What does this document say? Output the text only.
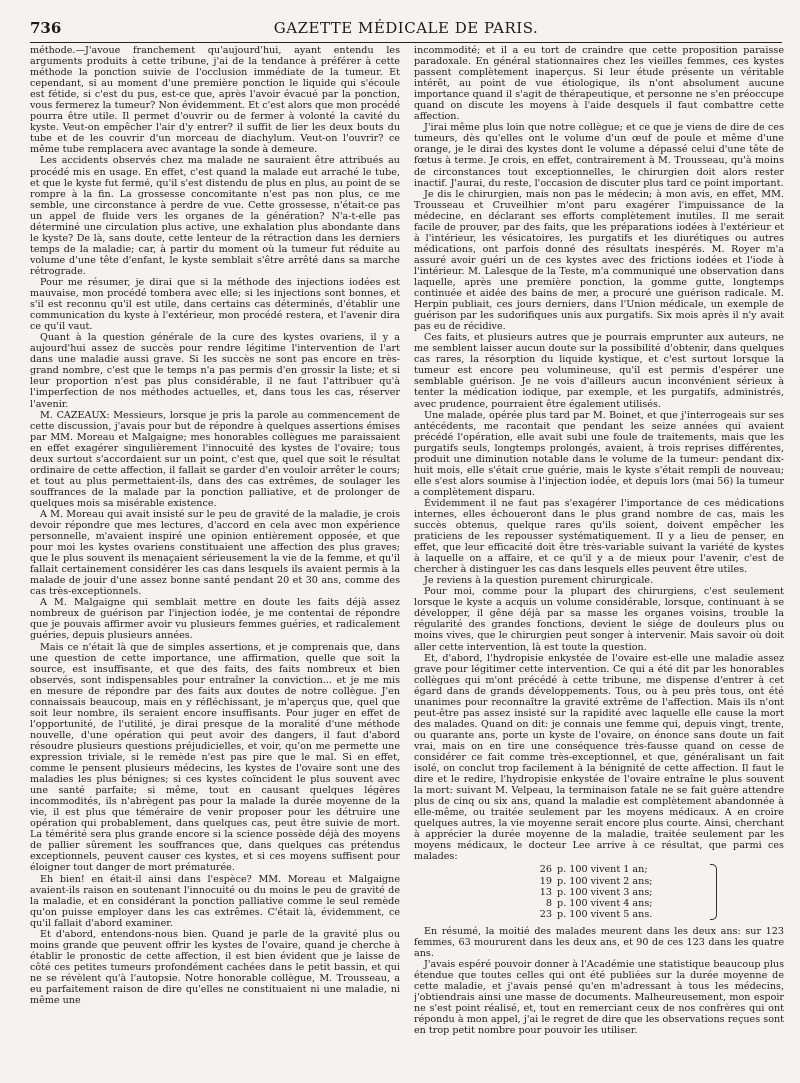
736	GAZETTE MÉDICALE DE PARIS.

méthode.—J'avoue franchement qu'aujourd'hui, ayant entendu les arguments produits à cette tribune, j'ai de la tendance à préférer à cette méthode la ponction suivie de l'occlusion immédiate de la tumeur. Et cependant, si au moment d'une première ponction le liquide qui s'écoule est fétide, si c'est du pus, est-ce que, après l'avoir évacué par la ponction, vous fermerez la tumeur? Non évidemment. Et c'est alors que mon procédé pourra être utile. Il permet d'ouvrir ou de fermer à volonté la cavité du kyste. Veut-on empêcher l'air d'y entrer? il suffit de lier les deux bouts du tube et de les couvrir d'un morceau de diachylum. Veut-on l'ouvrir? ce même tube remplacera avec avantage la sonde à demeure.

Les accidents observés chez ma malade ne sauraient être attribués au procédé mis en usage. En effet, c'est quand la malade eut arraché le tube, et que le kyste fut fermé, qu'il s'est distendu de plus en plus, au point de se rompre à la fin. La grossesse concomitante n'est pas non plus, ce me semble, une circonstance à perdre de vue. Cette grossesse, n'était-ce pas un appel de fluide vers les organes de la génération? N'a-t-elle pas déterminé une circulation plus active, une exhalation plus abondante dans le kyste? De là, sans doute, cette lenteur de la rétraction dans les derniers temps de la maladie; car, à partir du moment où la tumeur fut réduite au volume d'une tête d'enfant, le kyste semblait s'être arrêté dans sa marche rétrograde.

Pour me résumer, je dirai que si la méthode des injections iodées est mauvaise, mon procédé tombera avec elle; si les injections sont bonnes, et s'il est reconnu qu'il est utile, dans certains cas déterminés, d'établir une communication du kyste à l'extérieur, mon procédé restera, et l'avenir dira ce qu'il vaut.

Quant à la question générale de la cure des kystes ovariens, il y a aujourd'hui assez de succès pour rendre légitime l'intervention de l'art dans une maladie aussi grave. Si les succès ne sont pas encore en très-grand nombre, c'est que le temps n'a pas permis d'en grossir la liste; et si leur proportion n'est pas plus considérable, il ne faut l'attribuer qu'à l'imperfection de nos méthodes actuelles, et, dans tous les cas, réserver l'avenir.

M. CAZEAUX: Messieurs, lorsque je pris la parole au commencement de cette discussion, j'avais pour but de répondre à quelques assertions émises par MM. Moreau et Malgaigne; mes honorables collègues me paraissaient en effet exagérer singulièrement l'innocuité des kystes de l'ovaire; tous deux surtout s'accordaient sur un point, c'est que, quel que soit le résultat ordinaire de cette affection, il fallait se garder d'en vouloir arrêter le cours; et tout au plus permettaient-ils, dans des cas extrêmes, de soulager les souffrances de la malade par la ponction palliative, et de prolonger de quelques mois sa misérable existence.

A M. Moreau qui avait insisté sur le peu de gravité de la maladie, je crois devoir répondre que mes lectures, d'accord en cela avec mon expérience personnelle, m'avaient inspiré une opinion entièrement opposée, et que pour moi les kystes ovariens constituaient une affection des plus graves; que le plus souvent ils menaçaient sérieusement la vie de la femme, et qu'il fallait certainement considérer les cas dans lesquels ils avaient permis à la malade de jouir d'une assez bonne santé pendant 20 et 30 ans, comme des cas très-exceptionnels.

A M. Malgaigne qui semblait mettre en doute les faits déjà assez nombreux de guérison par l'injection iodée, je me contentai de répondre que je pouvais affirmer avoir vu plusieurs femmes guéries, et radicalement guéries, depuis plusieurs années.

Mais ce n'était là que de simples assertions, et je comprenais que, dans une question de cette importance, une affirmation, quelle que soit la source, est insuffisante, et que des faits, des faits nombreux et bien observés, sont indispensables pour entraîner la conviction... et je me mis en mesure de répondre par des faits aux doutes de notre collègue. J'en connaissais beaucoup, mais en y réfléchissant, je m'aperçus que, quel que soit leur nombre, ils seraient encore insuffisants. Pour juger en effet de l'opportunité, de l'utilité, je dirai presque de la moralité d'une méthode nouvelle, d'une opération qui peut avoir des dangers, il faut d'abord résoudre plusieurs questions préjudicielles, et voir, qu'on me permette une expression triviale, si le remède n'est pas pire que le mal. Si en effet, comme le pensent plusieurs médecins, les kystes de l'ovaire sont une des maladies les plus bénignes; si ces kystes coïncident le plus souvent avec une santé parfaite; si même, tout en causant quelques légères incommodités, ils n'abrègent pas pour la malade la durée moyenne de la vie, il est plus que téméraire de venir proposer pour les détruire une opération qui probablement, dans quelques cas, peut être suivie de mort. La témérité sera plus grande encore si la science possède déjà des moyens de pallier sûrement les souffrances que, dans quelques cas prétendus exceptionnels, peuvent causer ces kystes, et si ces moyens suffisent pour éloigner tout danger de mort prématurée.

Eh bien! en était-il ainsi dans l'espèce? MM. Moreau et Malgaigne avaient-ils raison en soutenant l'innocuité ou du moins le peu de gravité de la maladie, et en considérant la ponction palliative comme le seul remède qu'on puisse employer dans les cas extrêmes. C'était là, évidemment, ce qu'il fallait d'abord examiner.

Et d'abord, entendons-nous bien. Quand je parle de la gravité plus ou moins grande que peuvent offrir les kystes de l'ovaire, quand je cherche à établir le pronostic de cette affection, il est bien évident que je laisse de côté ces petites tumeurs profondément cachées dans le petit bassin, et qui ne se révèlent qu'à l'autopsie. Notre honorable collègue, M. Trousseau, a eu parfaitement raison de dire qu'elles ne constituaient ni une maladie, ni même une

incommodité; et il a eu tort de craindre que cette proposition paraisse paradoxale. En général stationnaires chez les vieilles femmes, ces kystes passent complètement inaperçus. Si leur étude présente un véritable intérêt, au point de vue étiologique, ils n'ont absolument aucune importance quand il s'agit de thérapeutique, et personne ne s'en préoccupe quand on discute les moyens à l'aide desquels il faut combattre cette affection.

J'irai même plus loin que notre collègue; et ce que je viens de dire de ces tumeurs, dès qu'elles ont le volume d'un œuf de poule et même d'une orange, je le dirai des kystes dont le volume a dépassé celui d'une tête de fœtus à terme. Je crois, en effet, contrairement à M. Trousseau, qu'à moins de circonstances tout exceptionnelles, le chirurgien doit alors rester inactif. J'aurai, du reste, l'occasion de discuter plus tard ce point important.

Je dis le chirurgien, mais non pas le médecin; à mon avis, en effet, MM. Trousseau et Cruveilhier m'ont paru exagérer l'impuissance de la médecine, en déclarant ses efforts complètement inutiles. Il me serait facile de prouver, par des faits, que les préparations iodées à l'extérieur et à l'intérieur, les vésicatoires, les purgatifs et les diurétiques ou autres médications, ont parfois donné des résultats inespérés. M. Royer m'a assuré avoir guéri un de ces kystes avec des frictions iodées et l'iode à l'intérieur. M. Lalesque de la Teste, m'a communiqué une observation dans laquelle, après une première ponction, la gomme gutte, longtemps continuée et aidée des bains de mer, a procuré une guérison radicale. M. Herpin publiait, ces jours derniers, dans l'Union médicale, un exemple de guérison par les sudorifiques unis aux purgatifs. Six mois après il n'y avait pas eu de récidive.

Ces faits, et plusieurs autres que je pourrais emprunter aux auteurs, ne me semblent laisser aucun doute sur la possibilité d'obtenir, dans quelques cas rares, la résorption du liquide kystique, et c'est surtout lorsque la tumeur est encore peu volumineuse, qu'il est permis d'espérer une semblable guérison. Je ne vois d'ailleurs aucun inconvénient sérieux à tenter la médication iodique, par exemple, et les purgatifs, administrés, avec prudence, pourraient être également utilisés.

Une malade, opérée plus tard par M. Boinet, et que j'interrogeais sur ses antécédents, me racontait que pendant les seize années qui avaient précédé l'opération, elle avait subi une foule de traitements, mais que les purgatifs seuls, longtemps prolongés, avaient, à trois reprises différentes, produit une diminution notable dans le volume de la tumeur: pendant dix-huit mois, elle s'était crue guérie, mais le kyste s'était rempli de nouveau; elle s'est alors soumise à l'injection iodée, et depuis lors (mai 56) la tumeur a complètement disparu.

Évidemment il ne faut pas s'exagérer l'importance de ces médications internes, elles échoueront dans le plus grand nombre de cas, mais les succès obtenus, quelque rares qu'ils soient, doivent empêcher les praticiens de les repousser systématiquement. Il y a lieu de penser, en effet, que leur efficacité doit être très-variable suivant la variété de kystes à laquelle on a affaire, et ce qu'il y a de mieux pour l'avenir, c'est de chercher à distinguer les cas dans lesquels elles peuvent être utiles.

Je reviens à la question purement chirurgicale.

Pour moi, comme pour la plupart des chirurgiens, c'est seulement lorsque le kyste a acquis un volume considérable, lorsque, continuant à se développer, il gêne déjà par sa masse les organes voisins, trouble la régularité des grandes fonctions, devient le siége de douleurs plus ou moins vives, que le chirurgien peut songer à intervenir. Mais savoir où doit aller cette intervention, là est toute la question.

Et, d'abord, l'hydropisie enkystée de l'ovaire est-elle une maladie assez grave pour légitimer cette intervention. Ce qui a été dit par les honorables collègues qui m'ont précédé à cette tribune, me dispense d'entrer à cet égard dans de grands développements. Tous, ou à peu près tous, ont été unanimes pour reconnaître la gravité extrême de l'affection. Mais ils n'ont peut-être pas assez insisté sur la rapidité avec laquelle elle cause la mort des malades. Quand on dit: je connais une femme qui, depuis vingt, trente, ou quarante ans, porte un kyste de l'ovaire, on énonce sans doute un fait vrai, mais on en tire une conséquence très-fausse quand on cesse de considérer ce fait comme très-exceptionnel, et que, généralisant un fait isolé, on conclut trop facilement à la bénignité de cette affection. Il faut le dire et le redire, l'hydropisie enkystée de l'ovaire entraîne le plus souvent la mort: suivant M. Velpeau, la terminaison fatale ne se fait guère attendre plus de cinq ou six ans, quand la maladie est complètement abandonnée à elle-même, ou traitée seulement par les moyens médicaux. A en croire quelques autres, la vie moyenne serait encore plus courte. Ainsi, cherchant à apprécier la durée moyenne de la maladie, traitée seulement par les moyens médicaux, le docteur Lee arrive à ce résultat, que parmi ces malades:

26 p. 100 vivent 1 an;
19 p. 100 vivent 2 ans;
13 p. 100 vivent 3 ans;
8 p. 100 vivent 4 ans;
23 p. 100 vivent 5 ans.

En résumé, la moitié des malades meurent dans les deux ans: sur 123 femmes, 63 moururent dans les deux ans, et 90 de ces 123 dans les quatre ans.

J'avais espéré pouvoir donner à l'Académie une statistique beaucoup plus étendue que toutes celles qui ont été publiées sur la durée moyenne de cette maladie, et j'avais pensé qu'en m'adressant à tous les médecins, j'obtiendrais ainsi une masse de documents. Malheureusement, mon espoir ne s'est point réalisé, et, tout en remerciant ceux de nos confrères qui ont répondu à mon appel, j'ai le regret de dire que les observations reçues sont en trop petit nombre pour pouvoir les utiliser.
